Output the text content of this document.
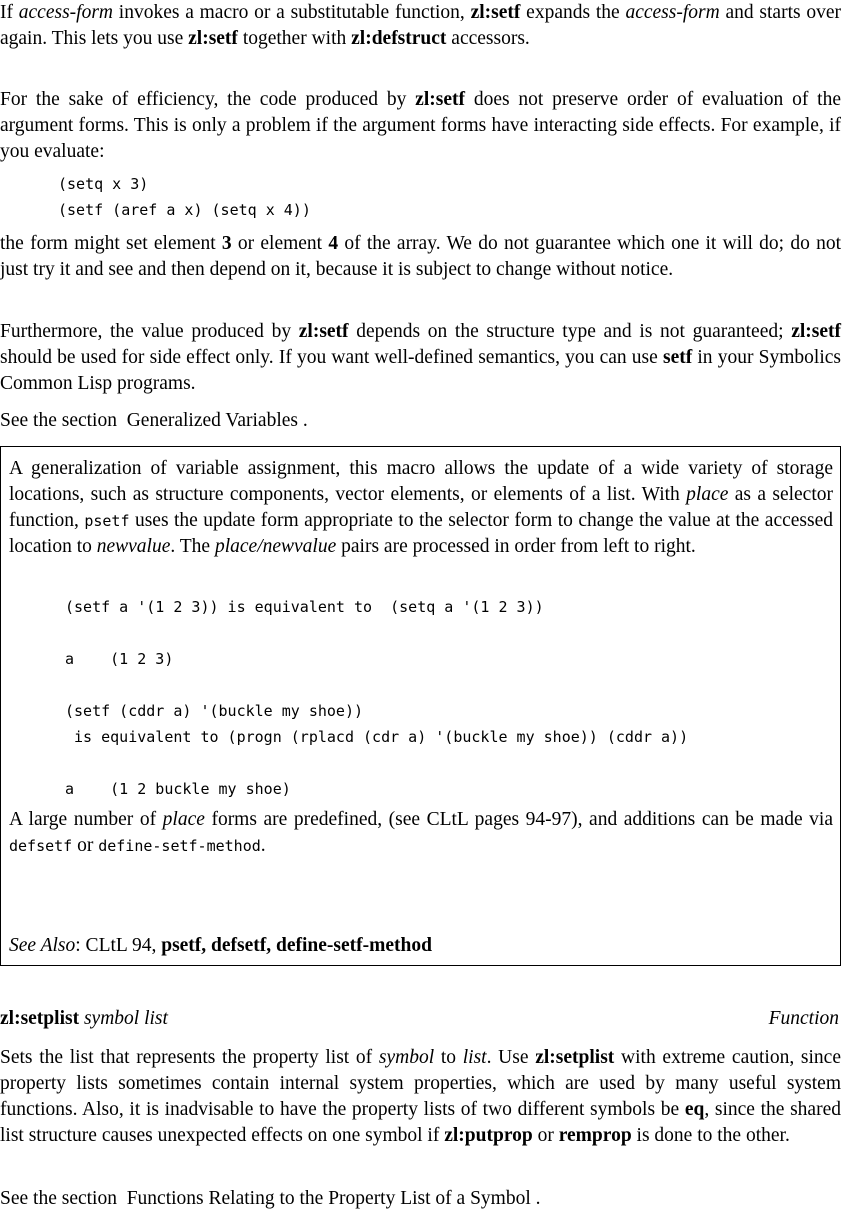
If access-form invokes a macro or a substitutable function, zl:setf expands the access-form and starts over again. This lets you use zl:setf together with zl:defstruct accessors.

For the sake of efficiency, the code produced by zl:setf does not preserve order of evaluation of the argument forms. This is only a problem if the argument forms have interacting side effects. For example, if you evaluate:

(setq x 3)
(setf (aref a x) (setq x 4))

the form might set element 3 or element 4 of the array. We do not guarantee which one it will do; do not just try it and see and then depend on it, because it is subject to change without notice.

Furthermore, the value produced by zl:setf depends on the structure type and is not guaranteed; zl:setf should be used for side effect only. If you want well-defined semantics, you can use setf in your Symbolics Common Lisp programs.

See the section  Generalized Variables .

A generalization of variable assignment, this macro allows the update of a wide variety of storage locations, such as structure components, vector elements, or elements of a list. With place as a selector function, psetf uses the update form appropriate to the selector form to change the value at the accessed location to newvalue. The place/newvalue pairs are processed in order from left to right.

(setf a '(1 2 3)) is equivalent to  (setq a '(1 2 3))
a    (1 2 3)
(setf (cddr a) '(buckle my shoe))
is equivalent to (progn (rplacd (cdr a) '(buckle my shoe)) (cddr a))
a    (1 2 buckle my shoe)

A large number of place forms are predefined, (see CLtL pages 94-97), and additions can be made via defsetf or define-setf-method.

See Also: CLtL 94, psetf, defsetf, define-setf-method

zl:setplist symbol list	Function

Sets the list that represents the property list of symbol to list. Use zl:setplist with extreme caution, since property lists sometimes contain internal system properties, which are used by many useful system functions. Also, it is inadvisable to have the property lists of two different symbols be eq, since the shared list structure causes unexpected effects on one symbol if zl:putprop or remprop is done to the other.

See the section  Functions Relating to the Property List of a Symbol .
